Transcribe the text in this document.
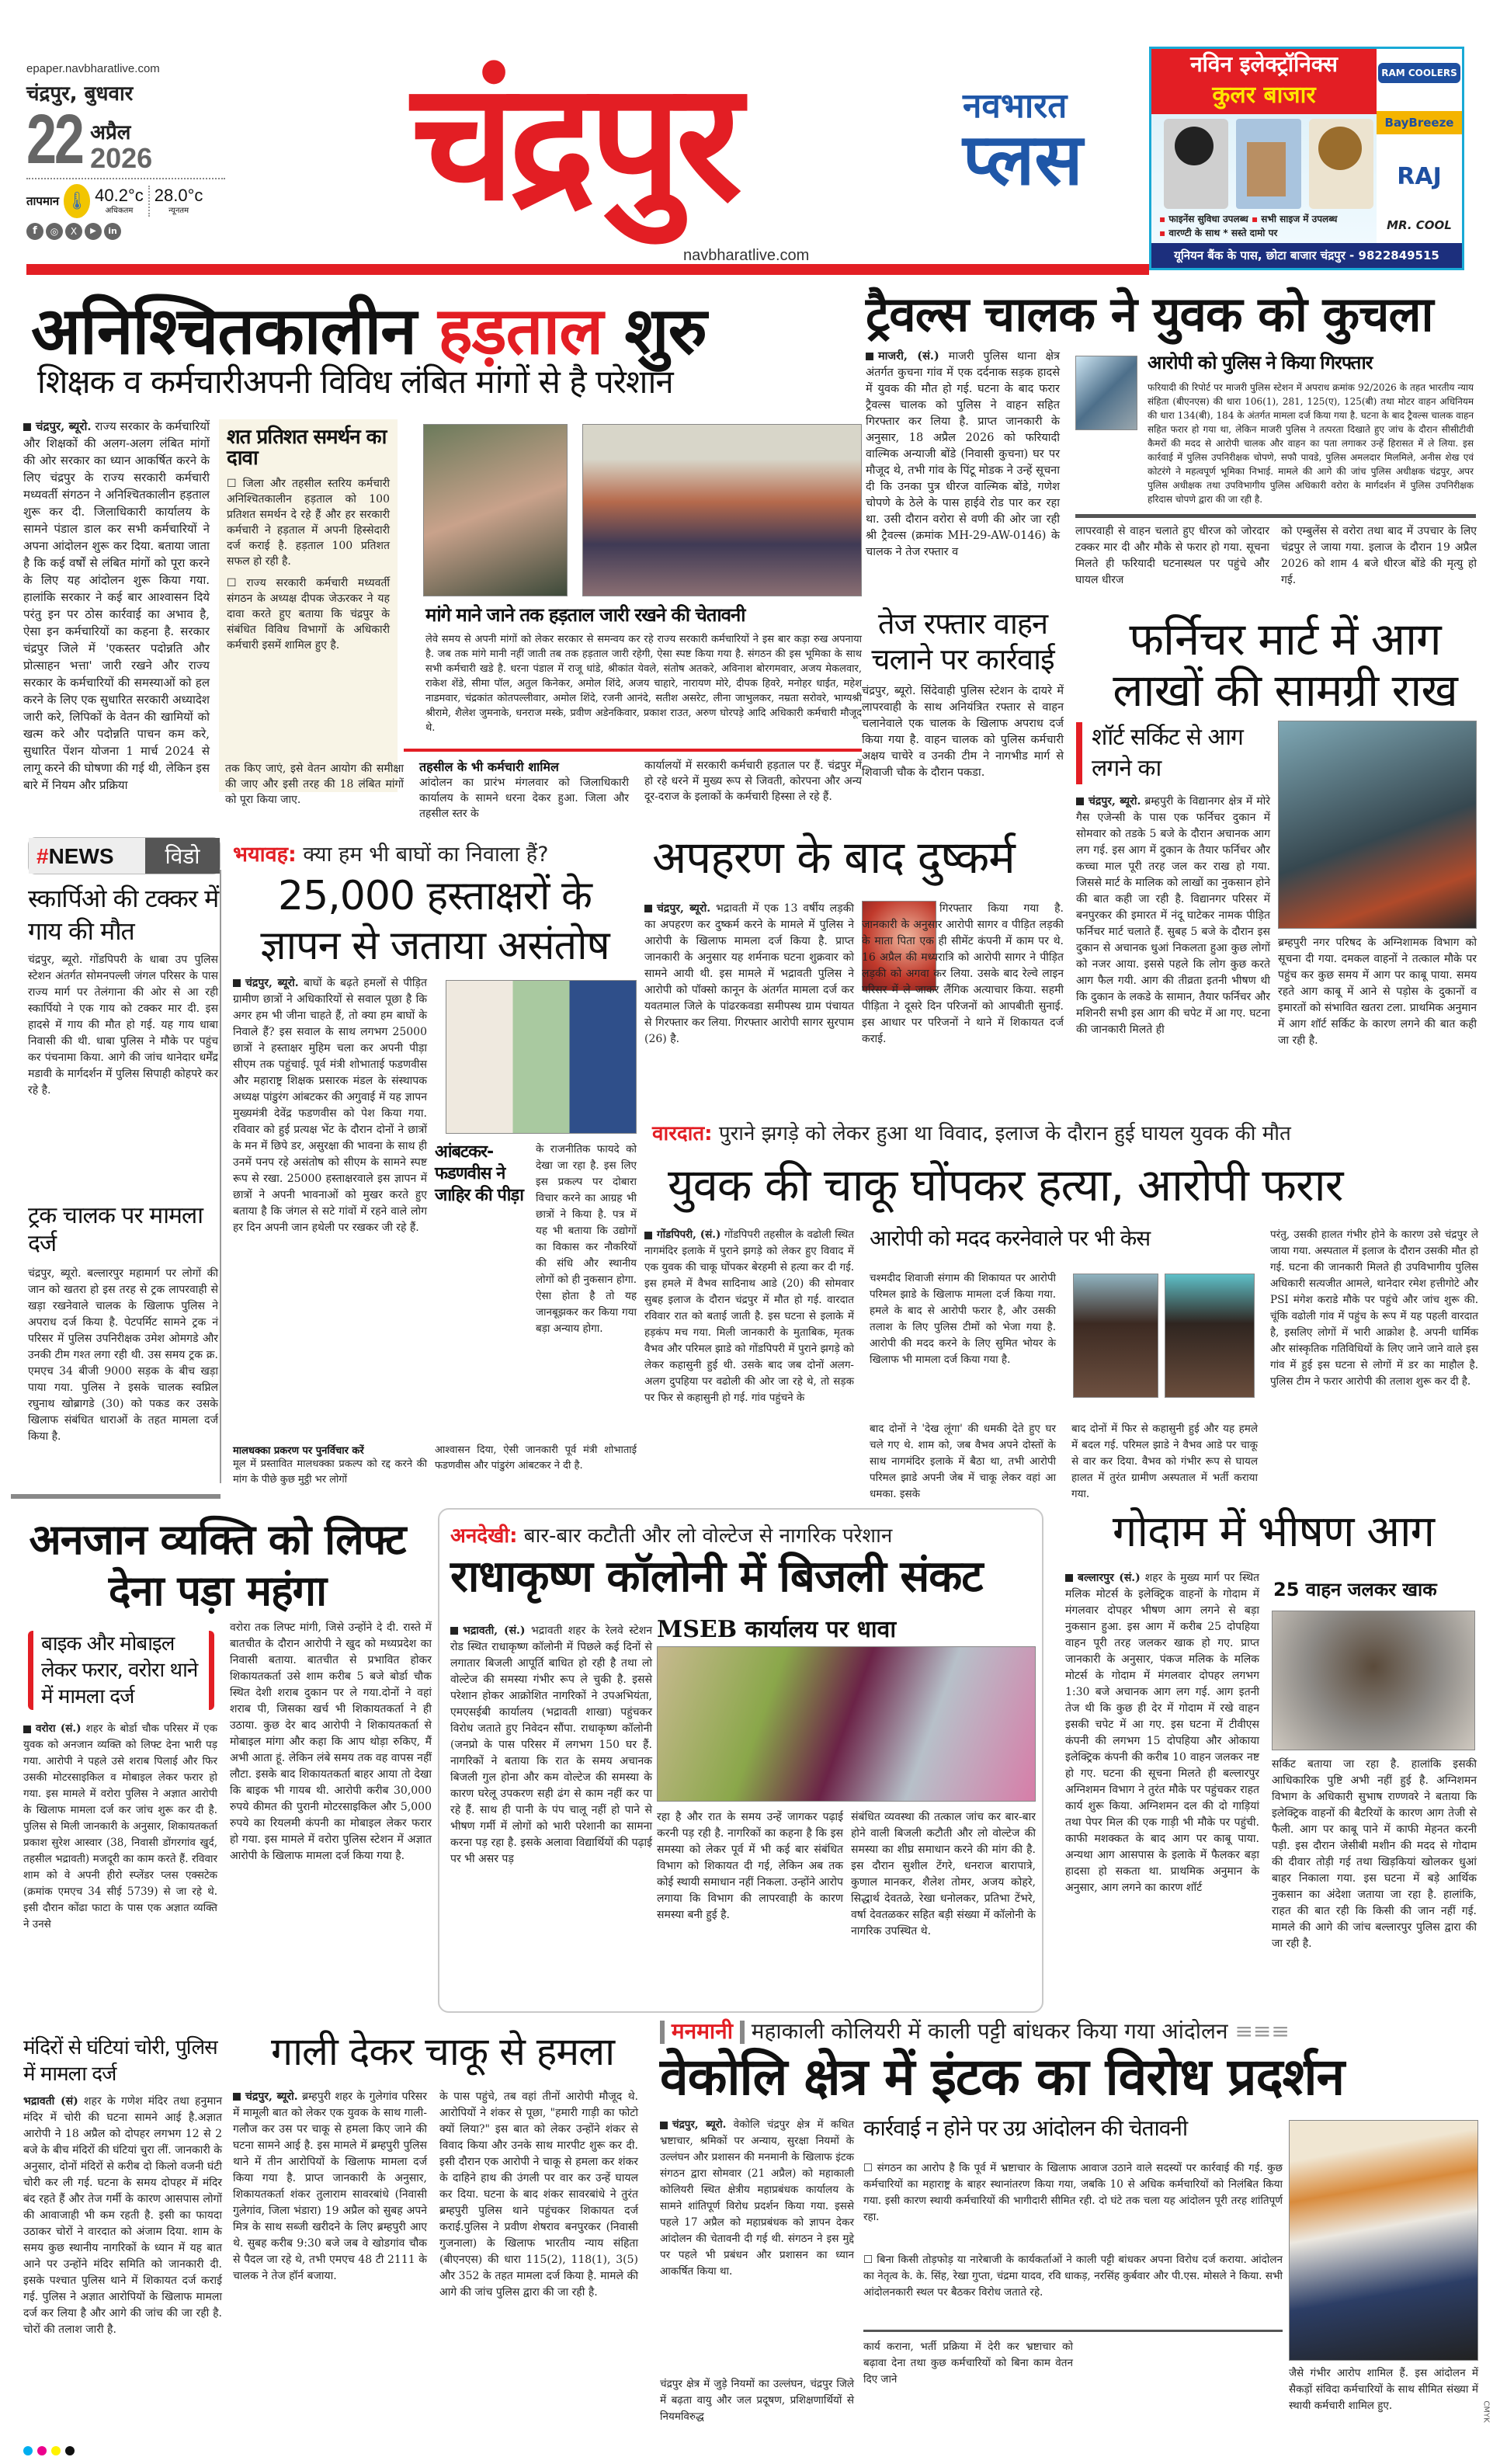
epaper.navbharatlive.com
चंद्रपुर, बुधवार
22 अप्रैल
2026
तापमान 🌡 40.2°c
अधिकतम
28.0°c
न्यूनतम
f	◎	X	▶	in चंद्रपुर	नवभारत
प्लस
navbharatlive.com
नविन इलेक्ट्रॉनिक्स
कुलर बाजार
▪ फाइनेंस सुविधा उपलब्ध ▪ सभी साइज में उपलब्ध
▪ वारण्टी के साथ * सस्ते दामो पर
RAM COOLERS
BayBreeze
RAJ
MR. COOL
यूनियन बैंक के पास, छोटा बाजार चंद्रपुर - 9822849515
अनिश्चितकालीन हड़ताल शुरु
शिक्षक व कर्मचारीअपनी विविध लंबित मांगों से है परेशान
चंद्रपुर, ब्यूरो. राज्य सरकार के कर्मचारियों और शिक्षकों की अलग-अलग लंबित मांगों की ओर सरकार का ध्यान आकर्षित करने के लिए चंद्रपुर के राज्य सरकारी कर्मचारी मध्यवर्ती संगठन ने अनिश्चितकालीन हड़ताल शुरू कर दी. जिलाधिकारी कार्यालय के सामने पंडाल डाल कर सभी कर्मचारियों ने अपना आंदोलन शुरू कर दिया. बताया जाता है कि कई वर्षों से लंबित मांगों को पूरा करने के लिए यह आंदोलन शुरू किया गया. हालांकि सरकार ने कई बार आश्वासन दिये परंतु इन पर ठोस कार्रवाई का अभाव है, ऐसा इन कर्मचारियों का कहना है. सरकार चंद्रपुर जिले में 'एकस्तर पदोन्नति और प्रोत्साहन भत्ता' जारी रखने और राज्य सरकार के कर्मचारियों की समस्याओं को हल करने के लिए एक सुधारित सरकारी अध्यादेश जारी करे, लिपिकों के वेतन की खामियों को खत्म करे और पदोन्नति पाचन कम करे, सुधारित पेंशन योजना 1 मार्च 2024 से लागू करने की घोषणा की गई थी, लेकिन इस बारे में नियम और प्रक्रिया
शत प्रतिशत समर्थन का दावा
☐ जिला और तहसील स्तरिय कर्मचारी अनिश्चितकालीन हड़ताल को 100 प्रतिशत समर्थन दे रहे हैं और हर सरकारी कर्मचारी ने हड़ताल में अपनी हिस्सेदारी दर्ज कराई है. हड़ताल 100 प्रतिशत सफल हो रही है.
☐ राज्य सरकारी कर्मचारी मध्यवर्ती संगठन के अध्यक्ष दीपक जेऊरकर ने यह दावा करते हुए बताया कि चंद्रपुर के संबंधित विविध विभागों के अधिकारी कर्मचारी इसमें शामिल हुए है.
मांगे माने जाने तक हड़ताल जारी रखने की चेतावनी
लेवे समय से अपनी मांगों को लेकर सरकार से समन्वय कर रहे राज्य सरकारी कर्मचारियों ने इस बार कड़ा रुख अपनाया है. जब तक मांगे मानी नहीं जाती तब तक हड़ताल जारी रहेगी, ऐसा स्पष्ट किया गया है. संगठन की इस भूमिका के साथ सभी कर्मचारी खडे है. धरना पंडाल में राजू धांडे, श्रीकांत येवले, संतोष अतकरे, अविनाश बोरगमवार, अजय मेकलवार, राकेश शेंडे, सीमा पॉल, अतुल किनेकर, अमोल शिंदे, अजय चाहारे, नारायण मोरे, दीपक हिवरे, मनोहर धाईत, महेश नाडमवार, चंद्रकांत कोतपल्लीवार, अमोल शिंदे, रजनी आनंदे, सतीश असरेट, लीना जाभुलकर, नम्रता सरोवरे, भाग्यश्री श्रीरामे, शैलेश जुमनाके, धनराज मस्के, प्रवीण अडेनकिवार, प्रकाश राउत, अरुण घोरपड़े आदि अधिकारी कर्मचारी मौजूद थे.
तक किए जाएं, इसे वेतन आयोग की समीक्षा की जाए और इसी तरह की 18 लंबित मांगों को पूरा किया जाए.
तहसील के भी कर्मचारी शामिल
आंदोलन का प्रारंभ मंगलवार को जिलाधिकारी कार्यालय के सामने धरना देकर हुआ. जिला और तहसील स्तर के
कार्यालयों में सरकारी कर्मचारी हड़ताल पर हैं. चंद्रपुर में हो रहे धरने में मुख्य रूप से जिवती, कोरपना और अन्य दूर-दराज के इलाकों के कर्मचारी हिस्सा ले रहे हैं.
ट्रैवल्स चालक ने युवक को कुचला
माजरी, (सं.) माजरी पुलिस थाना क्षेत्र अंतर्गत कुचना गांव में एक दर्दनाक सड़क हादसे में युवक की मौत हो गई. घटना के बाद फरार ट्रैवल्स चालक को पुलिस ने वाहन सहित गिरफ्तार कर लिया है. प्राप्त जानकारी के अनुसार, 18 अप्रैल 2026 को फरियादी वाल्मिक अन्याजी बोंडे (निवासी कुचना) घर पर मौजूद थे, तभी गांव के पिंटू मोडक ने उन्हें सूचना दी कि उनका पुत्र धीरज वाल्मिक बोंडे, गणेश चोपणे के ठेले के पास हाईवे रोड पार कर रहा था. उसी दौरान वरोरा से वणी की ओर जा रही श्री ट्रैवल्स (क्रमांक MH-29-AW-0146) के चालक ने तेज रफ्तार व
आरोपी को पुलिस ने किया गिरफ्तार
फरियादी की रिपोर्ट पर माजरी पुलिस स्टेशन में अपराध क्रमांक 92/2026 के तहत भारतीय न्याय संहिता (बीएनएस) की धारा 106(1), 281, 125(ए), 125(बी) तथा मोटर वाहन अधिनियम की धारा 134(बी), 184 के अंतर्गत मामला दर्ज किया गया है. घटना के बाद ट्रैवल्स चालक वाहन सहित फरार हो गया था, लेकिन माजरी पुलिस ने तत्परता दिखाते हुए जांच के दौरान सीसीटीवी कैमरों की मदद से आरोपी चालक और वाहन का पता लगाकर उन्हें हिरासत में ले लिया. इस कार्रवाई में पुलिस उपनिरीक्षक चोपणे, सफौ पावडे, पुलिस अमलदार मिलमिले, अनीस शेख एवं कोटरंगे ने महत्वपूर्ण भूमिका निभाई. मामले की आगे की जांच पुलिस अधीक्षक चंद्रपुर, अपर पुलिस अधीक्षक तथा उपविभागीय पुलिस अधिकारी वरोरा के मार्गदर्शन में पुलिस उपनिरीक्षक हरिदास चोपणे द्वारा की जा रही है.
लापरवाही से वाहन चलाते हुए धीरज को जोरदार टक्कर मार दी और मौके से फरार हो गया. सूचना मिलते ही फरियादी घटनास्थल पर पहुंचे और घायल धीरज
को एम्बुलेंस से वरोरा तथा बाद में उपचार के लिए चंद्रपुर ले जाया गया. इलाज के दौरान 19 अप्रैल 2026 को शाम 4 बजे धीरज बोंडे की मृत्यु हो गई.
तेज रफ्तार वाहन चलाने पर कार्रवाई
चंद्रपुर, ब्यूरो. सिंदेवाही पुलिस स्टेशन के दायरे में लापरवाही के साथ अनियंत्रित रफ्तार से वाहन चलानेवाले एक चालक के खिलाफ अपराध दर्ज किया गया है. वाहन चालक को पुलिस कर्मचारी अक्षय चाचेरे व उनकी टीम ने नागभीड मार्ग से शिवाजी चौक के दौरान पकडा.
फर्निचर मार्ट में आग लाखों की सामग्री राख
शॉर्ट सर्किट से आग लगने का
चंद्रपुर, ब्यूरो. ब्रम्हपुरी के विद्यानगर क्षेत्र में मोरे गैस एजेन्सी के पास एक फर्निचर दुकान में सोमवार को तडके 5 बजे के दौरान अचानक आग लग गई. इस आग में दुकान के तैयार फर्निचर और कच्चा माल पूरी तरह जल कर राख हो गया. जिससे मार्ट के मालिक को लाखों का नुकसान होने की बात कही जा रही है. विद्यानगर परिसर में बनपुरकर की इमारत में नंदू घाटेकर नामक पीड़ित फर्निचर मार्ट चलाते हैं. सुबह 5 बजे के दौरान इस दुकान से अचानक धुआं निकलता हुआ कुछ लोगों को नजर आया. इससे पहले कि लोग कुछ करते आग फैल गयी. आग की तीव्रता इतनी भीषण थी कि दुकान के लकडे के सामान, तैयार फर्निचर और मशिनरी सभी इस आग की चपेट में आ गए. घटना की जानकारी मिलते ही
ब्रम्हपुरी नगर परिषद के अग्निशामक विभाग को सूचना दी गया. दमकल वाहनों ने तत्काल मौके पर पहुंच कर कुछ समय में आग पर काबू पाया. समय रहते आग काबू में आने से पड़ोस के दुकानों व इमारतों को संभावित खतरा टला. प्राथमिक अनुमान में आग शॉर्ट सर्किट के कारण लगने की बात कही जा रही है.
#NEWS	विडो
स्कार्पिओ की टक्कर में गाय की मौत
चंद्रपुर, ब्यूरो. गोंडपिपरी के धाबा उप पुलिस स्टेशन अंतर्गत सोमनपल्ली जंगल परिसर के पास राज्य मार्ग पर तेलंगाना की ओर से आ रही स्कार्पियो ने एक गाय को टक्कर मार दी. इस हादसे में गाय की मौत हो गई. यह गाय धाबा निवासी की थी. धाबा पुलिस ने मौके पर पहुंच कर पंचनामा किया. आगे की जांच थानेदार धर्मेंद्र मडावी के मार्गदर्शन में पुलिस सिपाही कोहपरे कर रहे है.
ट्रक चालक पर मामला दर्ज
चंद्रपुर, ब्यूरो. बल्लारपुर महामार्ग पर लोगों की जान को खतरा हो इस तरह से ट्रक लापरवाही से खड़ा रखनेवाले चालक के खिलाफ पुलिस ने अपराध दर्ज किया है. पेटपर्मिट सामने ट्रक नं परिसर में पुलिस उपनिरीक्षक उमेश ओमगडे और उनकी टीम गश्त लगा रही थी. उस समय ट्रक क्र. एमएच 34 बीजी 9000 सड़क के बीच खड़ा पाया गया. पुलिस ने इसके चालक स्वप्निल रघुनाथ खोब्रागडे (30) को पकड कर उसके खिलाफ संबंधित धाराओं के तहत मामला दर्ज किया है.
भयावह: क्या हम भी बाघों का निवाला हैं?
25,000 हस्ताक्षरों के ज्ञापन से जताया असंतोष
चंद्रपुर, ब्यूरो. बाघों के बढ़ते हमलों से पीड़ित ग्रामीण छात्रों ने अधिकारियों से सवाल पूछा है कि अगर हम भी जीना चाहते हैं, तो क्या हम बाघों के निवाले हैं? इस सवाल के साथ लगभग 25000 छात्रों ने हस्ताक्षर मुहिम चला कर अपनी पीड़ा सीएम तक पहुंचाई. पूर्व मंत्री शोभाताई फडणवीस और महाराष्ट्र शिक्षक प्रसारक मंडल के संस्थापक अध्यक्ष पांडुरंग आंबटकर की अगुवाई में यह ज्ञापन मुख्यमंत्री देवेंद्र फडणवीस को पेश किया गया. रविवार को हुई प्रत्यक्ष भेंट के दौरान दोनों ने छात्रों के मन में छिपे डर, असुरक्षा की भावना के साथ ही उनमें पनप रहे असंतोष को सीएम के सामने स्पष्ट रूप से रखा. 25000 हस्ताक्षरवाले इस ज्ञापन में छात्रों ने अपनी भावनाओं को मुखर करते हुए बताया है कि जंगल से सटे गांवों में रहने वाले लोग हर दिन अपनी जान हथेली पर रखकर जी रहे हैं.
आंबटकर-फडणवीस ने जाहिर की पीड़ा
के राजनीतिक फायदे को देखा जा रहा है. इस लिए इस प्रकल्प पर दोबारा विचार करने का आग्रह भी छात्रों ने किया है. पत्र में यह भी बताया कि उद्योगों का विकास कर नौकरियों की संधि और स्थानीय लोगों को ही नुकसान होगा. ऐसा होता है तो यह जानबूझकर कर किया गया बड़ा अन्याय होगा.
मालधक्का प्रकरण पर पुनर्विचार करें
मूल में प्रस्तावित मालधक्का प्रकल्प को रद्द करने की मांग के पीछे कुछ मुट्ठी भर लोगों
आश्वासन दिया, ऐसी जानकारी पूर्व मंत्री शोभाताई फडणवीस और पांडुरंग आंबटकर ने दी है.
अपहरण के बाद दुष्कर्म
चंद्रपुर, ब्यूरो. भद्रावती में एक 13 वर्षीय लड़की का अपहरण कर दुष्कर्म करने के मामले में पुलिस ने आरोपी के खिलाफ मामला दर्ज किया है. प्राप्त जानकारी के अनुसार यह शर्मनाक घटना शुक्रवार को सामने आयी थी. इस मामले में भद्रावती पुलिस ने आरोपी को पॉक्सो कानून के अंतर्गत मामला दर्ज कर यवतमाल जिले के पांढरकवडा समीपस्थ ग्राम पंचायत से गिरफ्तार कर लिया. गिरफ्तार आरोपी सागर सुरपाम (26) है.
गिरफ्तार किया गया है. जानकारी के अनुसार आरोपी सागर व पीड़ित लड़की के माता पिता एक ही सीमेंट कंपनी में काम पर थे. 16 अप्रैल की मध्यरात्रि को आरोपी सागर ने पीड़ित लड़की को अगवा कर लिया. उसके बाद रेल्वे लाइन परिसर में ले जाकर लैंगिक अत्याचार किया. सहमी पीड़िता ने दूसरे दिन परिजनों को आपबीती सुनाई. इस आधार पर परिजनों ने थाने में शिकायत दर्ज कराई.
वारदात: पुराने झगड़े को लेकर हुआ था विवाद, इलाज के दौरान हुई घायल युवक की मौत
युवक की चाकू घोंपकर हत्या, आरोपी फरार
गोंडपिपरी, (सं.) गोंडपिपरी तहसील के वढोली स्थित नागमंदिर इलाके में पुराने झगड़े को लेकर हुए विवाद में एक युवक की चाकू घोंपकर बेरहमी से हत्या कर दी गई. इस हमले में वैभव सादिनाथ आडे (20) की सोमवार सुबह इलाज के दौरान चंद्रपुर में मौत हो गई. वारदात रविवार रात को बताई जाती है. इस घटना से इलाके में हड़कंप मच गया. मिली जानकारी के मुताबिक, मृतक वैभव और परिमल झाडे को गोंडपिपरी में पुराने झगड़े को लेकर कहासुनी हुई थी. उसके बाद जब दोनों अलग-अलग दुपहिया पर वढोली की ओर जा रहे थे, तो सड़क पर फिर से कहासुनी हो गई. गांव पहुंचने के
आरोपी को मदद करनेवाले पर भी केस
चश्मदीद शिवाजी संगाम की शिकायत पर आरोपी परिमल झाडे के खिलाफ मामला दर्ज किया गया. हमले के बाद से आरोपी फरार है, और उसकी तलाश के लिए पुलिस टीमों को भेजा गया है. आरोपी की मदद करने के लिए सुमित भोयर के खिलाफ भी मामला दर्ज किया गया है.
बाद दोनों ने 'देख लूंगा' की धमकी देते हुए घर चले गए थे. शाम को, जब वैभव अपने दोस्तों के साथ नागमंदिर इलाके में बैठा था, तभी आरोपी परिमल झाडे अपनी जेब में चाकू लेकर वहां आ धमका. इसके
बाद दोनों में फिर से कहासुनी हुई और यह हमले में बदल गई. परिमल झाडे ने वैभव आडे पर चाकू से वार कर दिया. वैभव को गंभीर रूप से घायल हालत में तुरंत ग्रामीण अस्पताल में भर्ती कराया गया.
परंतु, उसकी हालत गंभीर होने के कारण उसे चंद्रपुर ले जाया गया. अस्पताल में इलाज के दौरान उसकी मौत हो गई. घटना की जानकारी मिलते ही उपविभागीय पुलिस अधिकारी सत्यजीत आमले, थानेदार रमेश हत्तीगोटे और PSI मंगेश कराडे मौके पर पहुंचे और जांच शुरू की. चूंकि वढोली गांव में पहुंच के रूप में यह पहली वारदात है, इसलिए लोगों में भारी आक्रोश है. अपनी धार्मिक और सांस्कृतिक गतिविधियों के लिए जाने जाने वाले इस गांव में हुई इस घटना से लोगों में डर का माहौल है. पुलिस टीम ने फरार आरोपी की तलाश शुरू कर दी है.
अनजान व्यक्ति को लिफ्ट देना पड़ा महंगा
बाइक और मोबाइल लेकर फरार, वरोरा थाने में मामला दर्ज
वरोरा (सं.) शहर के बोर्डा चौक परिसर में एक युवक को अनजान व्यक्ति को लिफ्ट देना भारी पड़ गया. आरोपी ने पहले उसे शराब पिलाई और फिर उसकी मोटरसाइकिल व मोबाइल लेकर फरार हो गया. इस मामले में वरोरा पुलिस ने अज्ञात आरोपी के खिलाफ मामला दर्ज कर जांच शुरू कर दी है. पुलिस से मिली जानकारी के अनुसार, शिकायतकर्ता प्रकाश सुरेश आस्वार (38, निवासी डोंगरगांव खुर्द, तहसील भद्रावती) मजदूरी का काम करते हैं. रविवार शाम को वे अपनी हीरो स्प्लेंडर प्लस एक्सटेक (क्रमांक एमएच 34 सीई 5739) से जा रहे थे. इसी दौरान कोंढा फाटा के पास एक अज्ञात व्यक्ति ने उनसे
वरोरा तक लिफ्ट मांगी, जिसे उन्होंने दे दी. रास्ते में बातचीत के दौरान आरोपी ने खुद को मध्यप्रदेश का निवासी बताया. बातचीत से प्रभावित होकर शिकायतकर्ता उसे शाम करीब 5 बजे बोर्डा चौक स्थित देशी शराब दुकान पर ले गया.दोनों ने वहां शराब पी, जिसका खर्च भी शिकायतकर्ता ने ही उठाया. कुछ देर बाद आरोपी ने शिकायतकर्ता से मोबाइल मांगा और कहा कि आप थोड़ा रुकिए, मैं अभी आता हूं. लेकिन लंबे समय तक वह वापस नहीं लौटा. इसके बाद शिकायतकर्ता बाहर आया तो देखा कि बाइक भी गायब थी. आरोपी करीब 30,000 रुपये कीमत की पुरानी मोटरसाइकिल और 5,000 रुपये का रियलमी कंपनी का मोबाइल लेकर फरार हो गया. इस मामले में वरोरा पुलिस स्टेशन में अज्ञात आरोपी के खिलाफ मामला दर्ज किया गया है.
अनदेखी: बार-बार कटौती और लो वोल्टेज से नागरिक परेशान
राधाकृष्ण कॉलोनी में बिजली संकट
भद्रावती, (सं.) भद्रावती शहर के रेलवे स्टेशन रोड स्थित राधाकृष्ण कॉलोनी में पिछले कई दिनों से लगातार बिजली आपूर्ति बाधित हो रही है तथा लो वोल्टेज की समस्या गंभीर रूप ले चुकी है. इससे परेशान होकर आक्रोशित नागरिकों ने उपअभियंता, एमएसईबी कार्यालय (भद्रावती शाखा) पहुंचकर विरोध जताते हुए निवेदन सौंपा. राधाकृष्ण कॉलोनी (जनप्रो के पास परिसर में लगभग 150 घर हैं. नागरिकों ने बताया कि रात के समय अचानक बिजली गुल होना और कम वोल्टेज की समस्या के कारण घरेलू उपकरण सही ढंग से काम नहीं कर पा रहे हैं. साथ ही पानी के पंप चालू नहीं हो पाने से भीषण गर्मी में लोगों को भारी परेशानी का सामना करना पड़ रहा है. इसके अलावा विद्यार्थियों की पढ़ाई पर भी असर पड़
MSEB कार्यालय पर धावा
रहा है और रात के समय उन्हें जागकर पढ़ाई करनी पड़ रही है. नागरिकों का कहना है कि इस समस्या को लेकर पूर्व में भी कई बार संबंधित विभाग को शिकायत दी गई, लेकिन अब तक कोई स्थायी समाधान नहीं निकला. उन्होंने आरोप लगाया कि विभाग की लापरवाही के कारण समस्या बनी हुई है.
संबंधित व्यवस्था की तत्काल जांच कर बार-बार होने वाली बिजली कटौती और लो वोल्टेज की समस्या का शीघ्र समाधान करने की मांग की है. इस दौरान सुशील टेंगरे, धनराज बारापात्रे, कुणाल मानकर, शैलेश तोमर, अजय कोहरे, सिद्धार्थ देवतळे, रेखा धनोलकर, प्रतिभा टेंभरे, वर्षा देवतळकर सहित बड़ी संख्या में कॉलोनी के नागरिक उपस्थित थे.
गोदाम में भीषण आग
बल्लारपुर (सं.) शहर के मुख्य मार्ग पर स्थित मलिक मोटर्स के इलेक्ट्रिक वाहनों के गोदाम में मंगलवार दोपहर भीषण आग लगने से बड़ा नुकसान हुआ. इस आग में करीब 25 दोपहिया वाहन पूरी तरह जलकर खाक हो गए. प्राप्त जानकारी के अनुसार, पंकज मलिक के मलिक मोटर्स के गोदाम में मंगलवार दोपहर लगभग 1:30 बजे अचानक आग लग गई. आग इतनी तेज थी कि कुछ ही देर में गोदाम में रखे वाहन इसकी चपेट में आ गए. इस घटना में टीवीएस कंपनी की लगभग 15 दोपहिया और ओकाया इलेक्ट्रिक कंपनी की करीब 10 वाहन जलकर नष्ट हो गए. घटना की सूचना मिलते ही बल्लारपुर अग्निशमन विभाग ने तुरंत मौके पर पहुंचकर राहत कार्य शुरू किया. अग्निशमन दल की दो गाड़ियां तथा पेपर मिल की एक गाड़ी भी मौके पर पहुंची. काफी मशक्कत के बाद आग पर काबू पाया. अन्यथा आग आसपास के इलाके में फैलकर बड़ा हादसा हो सकता था. प्राथमिक अनुमान के अनुसार, आग लगने का कारण शॉर्ट
25 वाहन जलकर खाक
सर्किट बताया जा रहा है. हालांकि इसकी आधिकारिक पुष्टि अभी नहीं हुई है. अग्निशमन विभाग के अधिकारी सुभाष राण्णवरे ने बताया कि इलेक्ट्रिक वाहनों की बैटरियों के कारण आग तेजी से फैली. आग पर काबू पाने में काफी मेहनत करनी पड़ी. इस दौरान जेसीबी मशीन की मदद से गोदाम की दीवार तोड़ी गई तथा खिड़कियां खोलकर धुआं बाहर निकाला गया. इस घटना में बड़े आर्थिक नुकसान का अंदेशा जताया जा रहा है. हालांकि, राहत की बात रही कि किसी की जान नहीं गई. मामले की आगे की जांच बल्लारपुर पुलिस द्वारा की जा रही है.
मंदिरों से घंटियां चोरी, पुलिस में मामला दर्ज
भद्रावती (सं) शहर के गणेश मंदिर तथा हनुमान मंदिर में चोरी की घटना सामने आई है.अज्ञात आरोपी ने 18 अप्रैल को दोपहर लगभग 12 से 2 बजे के बीच मंदिरों की घंटियां चुरा लीं. जानकारी के अनुसार, दोनों मंदिरों से करीब दो किलो वजनी घंटी चोरी कर ली गई. घटना के समय दोपहर में मंदिर बंद रहते हैं और तेज गर्मी के कारण आसपास लोगों की आवाजाही भी कम रहती है. इसी का फायदा उठाकर चोरों ने वारदात को अंजाम दिया. शाम के समय कुछ स्थानीय नागरिकों के ध्यान में यह बात आने पर उन्होंने मंदिर समिति को जानकारी दी. इसके पश्चात पुलिस थाने में शिकायत दर्ज कराई गई. पुलिस ने अज्ञात आरोपियों के खिलाफ मामला दर्ज कर लिया है और आगे की जांच की जा रही है. चोरों की तलाश जारी है.
गाली देकर चाकू से हमला
चंद्रपुर, ब्यूरो. ब्रम्हपुरी शहर के गुलेगांव परिसर में मामूली बात को लेकर एक युवक के साथ गाली-गलौज कर उस पर चाकू से हमला किए जाने की घटना सामने आई है. इस मामले में ब्रम्हपुरी पुलिस थाने में तीन आरोपियों के खिलाफ मामला दर्ज किया गया है. प्राप्त जानकारी के अनुसार, शिकायतकर्ता शंकर तुलाराम सावरबांधे (निवासी गुलेगांव, जिला भंडारा) 19 अप्रैल को सुबह अपने मित्र के साथ सब्जी खरीदने के लिए ब्रम्हपुरी आए थे. सुबह करीब 9:30 बजे जब वे खोडगांव चौक से पैदल जा रहे थे, तभी एमएच 48 टी 2111 के चालक ने तेज हॉर्न बजाया.
के पास पहुंचे, तब वहां तीनों आरोपी मौजूद थे. आरोपियों ने शंकर से पूछा, "हमारी गाड़ी का फोटो क्यों लिया?" इस बात को लेकर उन्होंने शंकर से विवाद किया और उनके साथ मारपीट शुरू कर दी. इसी दौरान एक आरोपी ने चाकू से हमला कर शंकर के दाहिने हाथ की उंगली पर वार कर उन्हें घायल कर दिया. घटना के बाद शंकर सावरबांधे ने तुरंत ब्रम्हपुरी पुलिस थाने पहुंचकर शिकायत दर्ज कराई.पुलिस ने प्रवीण शेषराव बनपुरकर (निवासी गुजनाला) के खिलाफ भारतीय न्याय संहिता (बीएनएस) की धारा 115(2), 118(1), 3(5) और 352 के तहत मामला दर्ज किया है. मामले की आगे की जांच पुलिस द्वारा की जा रही है.
मनमानी महाकाली कोलियरी में काली पट्टी बांधकर किया गया आंदोलन ≡≡≡
वेकोलि क्षेत्र में इंटक का विरोध प्रदर्शन
चंद्रपुर, ब्यूरो. वेकोलि चंद्रपुर क्षेत्र में कथित भ्रष्टाचार, श्रमिकों पर अन्याय, सुरक्षा नियमों के उल्लंघन और प्रशासन की मनमानी के खिलाफ इंटक संगठन द्वारा सोमवार (21 अप्रैल) को महाकाली कोलियरी स्थित क्षेत्रीय महाप्रबंधक कार्यालय के सामने शांतिपूर्ण विरोध प्रदर्शन किया गया. इससे पहले 17 अप्रैल को महाप्रबंधक को ज्ञापन देकर आंदोलन की चेतावनी दी गई थी. संगठन ने इस मुद्दे पर पहले भी प्रबंधन और प्रशासन का ध्यान आकर्षित किया था.
कार्रवाई न होने पर उग्र आंदोलन की चेतावनी
☐ संगठन का आरोप है कि पूर्व में भ्रष्टाचार के खिलाफ आवाज उठाने वाले सदस्यों पर कार्रवाई की गई. कुछ कर्मचारियों का महाराष्ट्र के बाहर स्थानांतरण किया गया, जबकि 10 से अधिक कर्मचारियों को निलंबित किया गया. इसी कारण स्थायी कर्मचारियों की भागीदारी सीमित रही. दो घंटे तक चला यह आंदोलन पूरी तरह शांतिपूर्ण रहा.
☐ बिना किसी तोड़फोड़ या नारेबाजी के कार्यकर्ताओं ने काली पट्टी बांधकर अपना विरोध दर्ज कराया. आंदोलन का नेतृत्व के. के. सिंह, रेखा गुप्ता, चंद्रमा यादव, रवि धाकड़, नरसिंह कुर्बवार और पी.एस. मोसले ने किया. सभी आंदोलनकारी स्थल पर बैठकर विरोध जताते रहे.
चंद्रपुर क्षेत्र में जुड़े नियमों का उल्लंघन, चंद्रपुर जिले में बढ़ता वायु और जल प्रदूषण, प्रशिक्षणार्थियों से नियमविरुद्ध
कार्य कराना, भर्ती प्रक्रिया में देरी कर भ्रष्टाचार को बढ़ावा देना तथा कुछ कर्मचारियों को बिना काम वेतन दिए जाने	जैसे गंभीर आरोप शामिल हैं. इस आंदोलन में सैकड़ों संविदा कर्मचारियों के साथ सीमित संख्या में स्थायी कर्मचारी शामिल हुए.	CMYK
